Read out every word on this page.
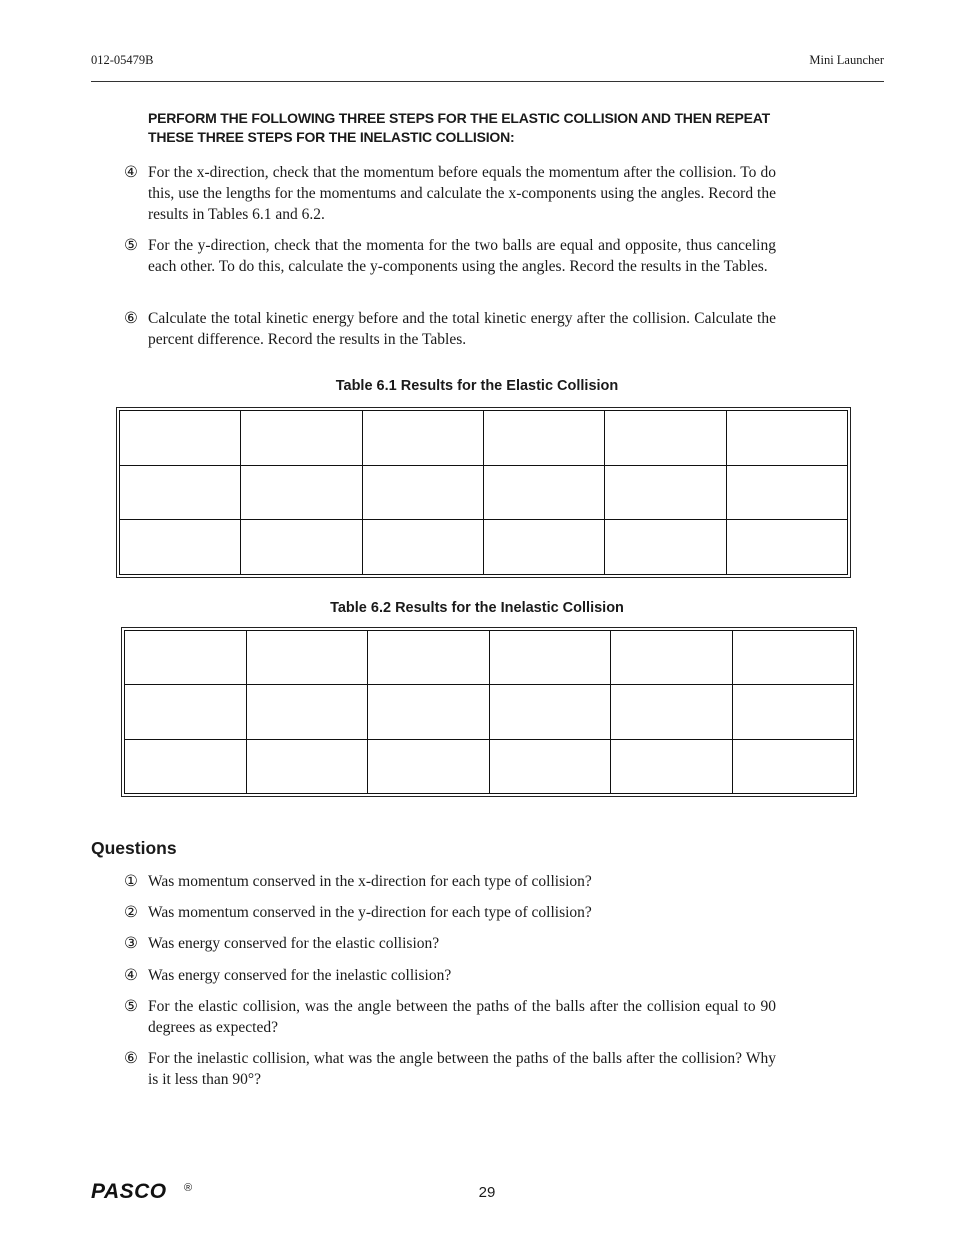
012-05479B	Mini Launcher
PERFORM THE FOLLOWING THREE STEPS FOR THE ELASTIC COLLISION AND THEN REPEAT THESE THREE STEPS FOR THE INELASTIC COLLISION:
④ For the x-direction, check that the momentum before equals the momentum after the collision. To do this, use the lengths for the momentums and calculate the x-components using the angles. Record the results in Tables 6.1 and 6.2.
⑤ For the y-direction, check that the momenta for the two balls are equal and opposite, thus canceling each other. To do this, calculate the y-components using the angles. Record the results in the Tables.
⑥ Calculate the total kinetic energy before and the total kinetic energy after the collision. Calculate the percent difference. Record the results in the Tables.
Table 6.1 Results for the Elastic Collision

Table 6.2 Results for the Inelastic Collision

Questions
① Was momentum conserved in the x-direction for each type of collision?
② Was momentum conserved in the y-direction for each type of collision?
③ Was energy conserved for the elastic collision?
④ Was energy conserved for the inelastic collision?
⑤ For the elastic collision, was the angle between the paths of the balls after the collision equal to 90 degrees as expected?
⑥ For the inelastic collision, what was the angle between the paths of the balls after the collision? Why is it less than 90°?
PASCO ®	29
